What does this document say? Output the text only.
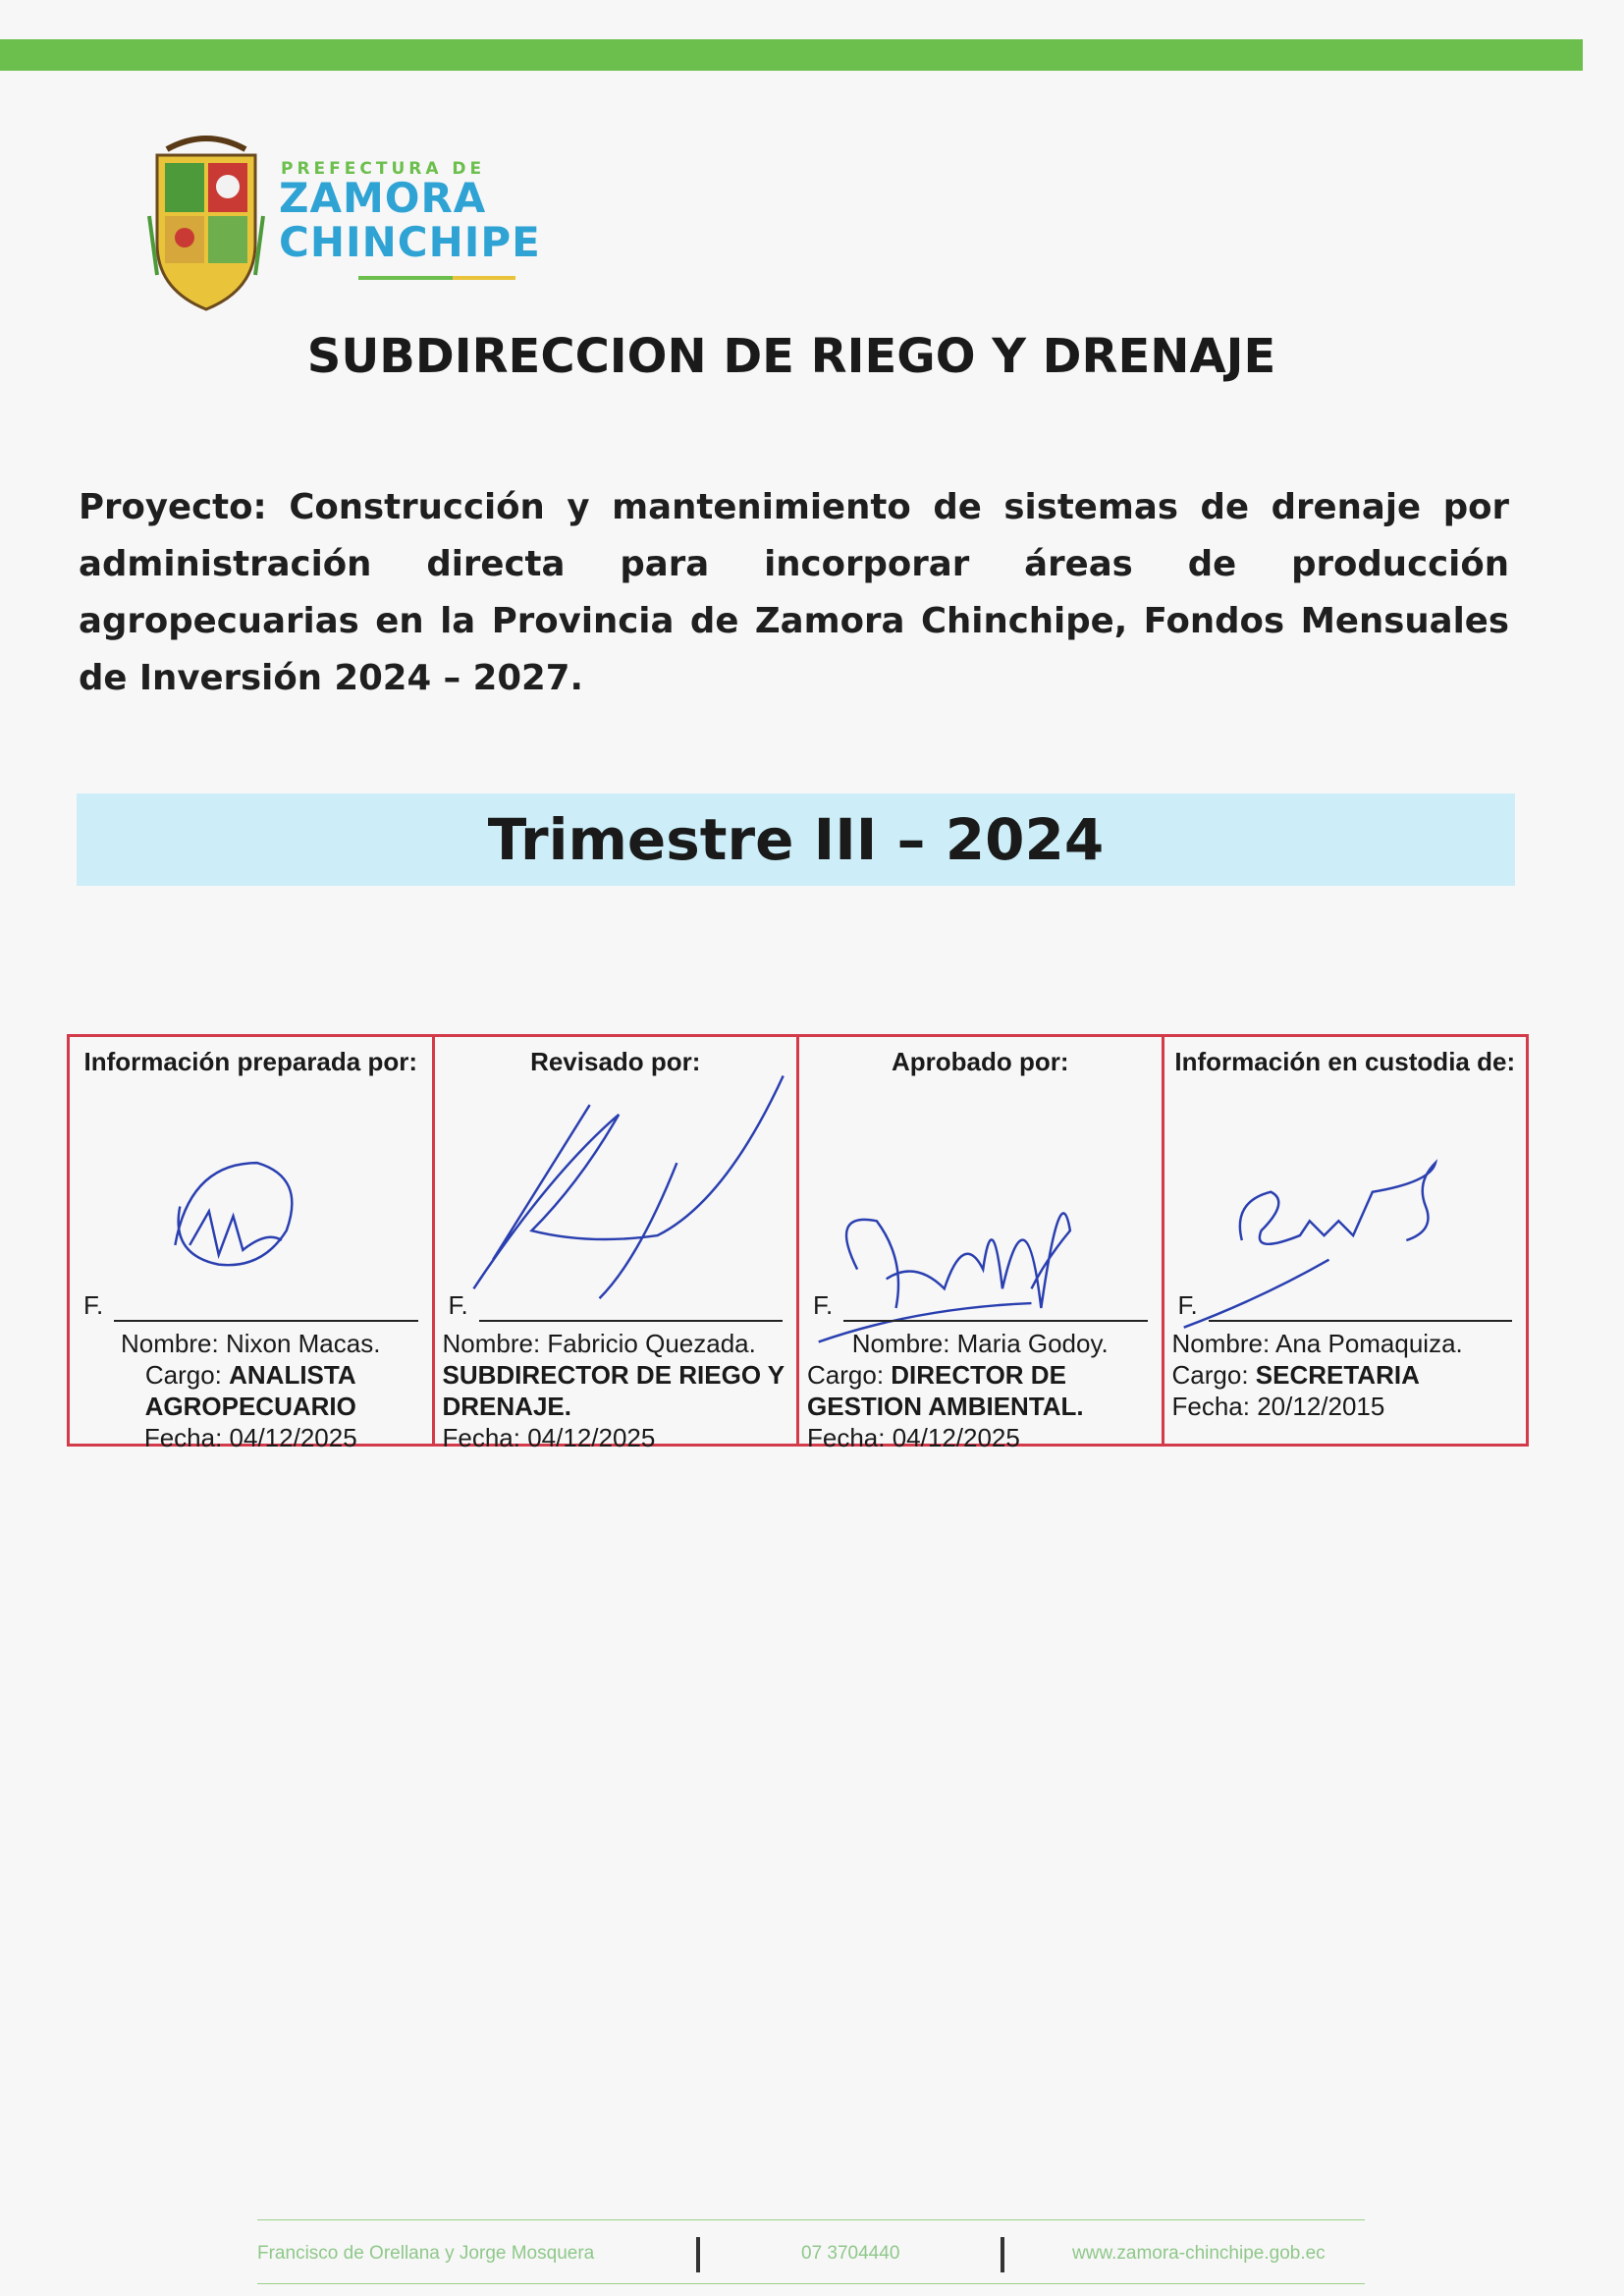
PREFECTURA DE
ZAMORA
CHINCHIPE
SUBDIRECCION DE RIEGO Y DRENAJE
Proyecto: Construcción y mantenimiento de sistemas de drenaje por administración directa para incorporar áreas de producción agropecuarias en la Provincia de Zamora Chinchipe, Fondos Mensuales de Inversión 2024 – 2027.
Trimestre III – 2024
Información preparada por:
F.
Nombre: Nixon Macas.
Cargo: ANALISTA AGROPECUARIO
Fecha: 04/12/2025
Revisado por:
F.
Nombre: Fabricio Quezada.
SUBDIRECTOR DE RIEGO Y DRENAJE.
Fecha: 04/12/2025
Aprobado por:
F.
Nombre: Maria Godoy.
Cargo: DIRECTOR DE GESTION AMBIENTAL.
Fecha: 04/12/2025
Información en custodia de:
F.
Nombre: Ana Pomaquiza.
Cargo: SECRETARIA
Fecha: 20/12/2015
Francisco de Orellana y Jorge Mosquera	07 3704440	www.zamora-chinchipe.gob.ec
